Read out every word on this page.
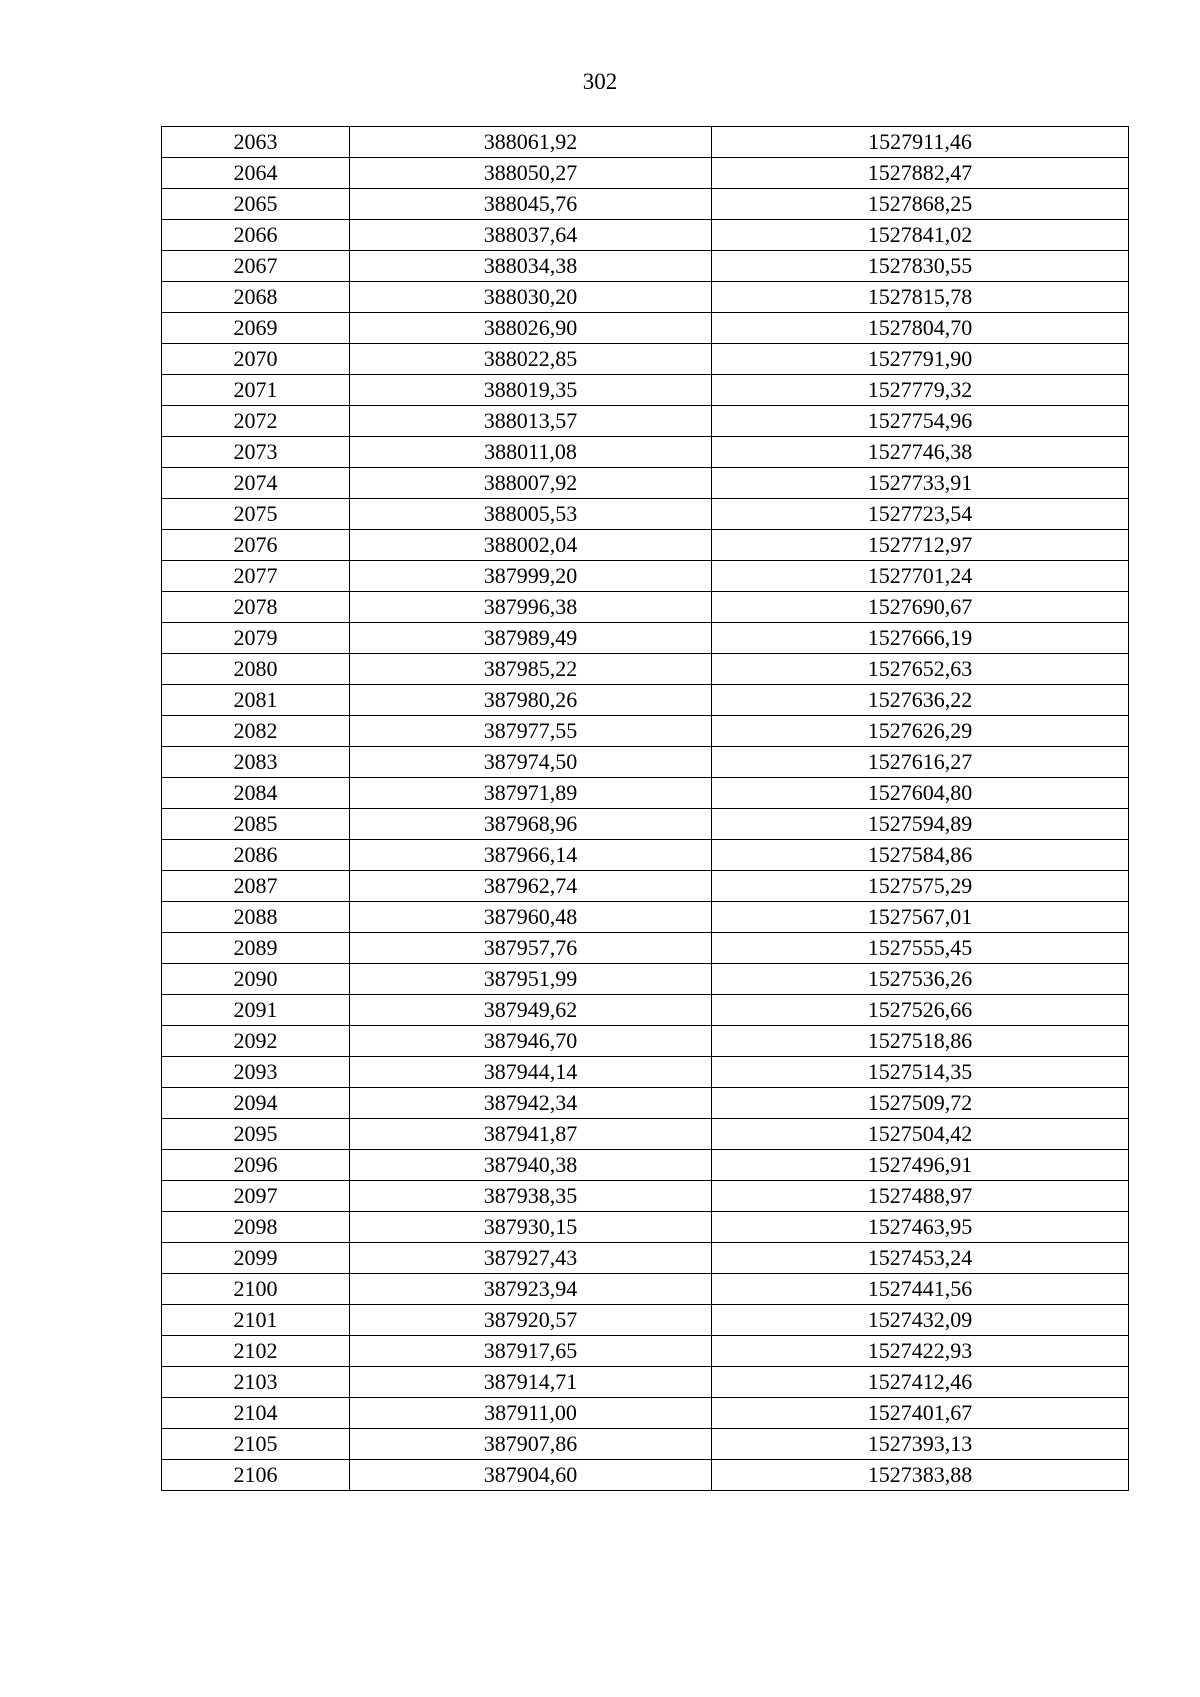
302
2063	388061,92	1527911,46
2064	388050,27	1527882,47
2065	388045,76	1527868,25
2066	388037,64	1527841,02
2067	388034,38	1527830,55
2068	388030,20	1527815,78
2069	388026,90	1527804,70
2070	388022,85	1527791,90
2071	388019,35	1527779,32
2072	388013,57	1527754,96
2073	388011,08	1527746,38
2074	388007,92	1527733,91
2075	388005,53	1527723,54
2076	388002,04	1527712,97
2077	387999,20	1527701,24
2078	387996,38	1527690,67
2079	387989,49	1527666,19
2080	387985,22	1527652,63
2081	387980,26	1527636,22
2082	387977,55	1527626,29
2083	387974,50	1527616,27
2084	387971,89	1527604,80
2085	387968,96	1527594,89
2086	387966,14	1527584,86
2087	387962,74	1527575,29
2088	387960,48	1527567,01
2089	387957,76	1527555,45
2090	387951,99	1527536,26
2091	387949,62	1527526,66
2092	387946,70	1527518,86
2093	387944,14	1527514,35
2094	387942,34	1527509,72
2095	387941,87	1527504,42
2096	387940,38	1527496,91
2097	387938,35	1527488,97
2098	387930,15	1527463,95
2099	387927,43	1527453,24
2100	387923,94	1527441,56
2101	387920,57	1527432,09
2102	387917,65	1527422,93
2103	387914,71	1527412,46
2104	387911,00	1527401,67
2105	387907,86	1527393,13
2106	387904,60	1527383,88
